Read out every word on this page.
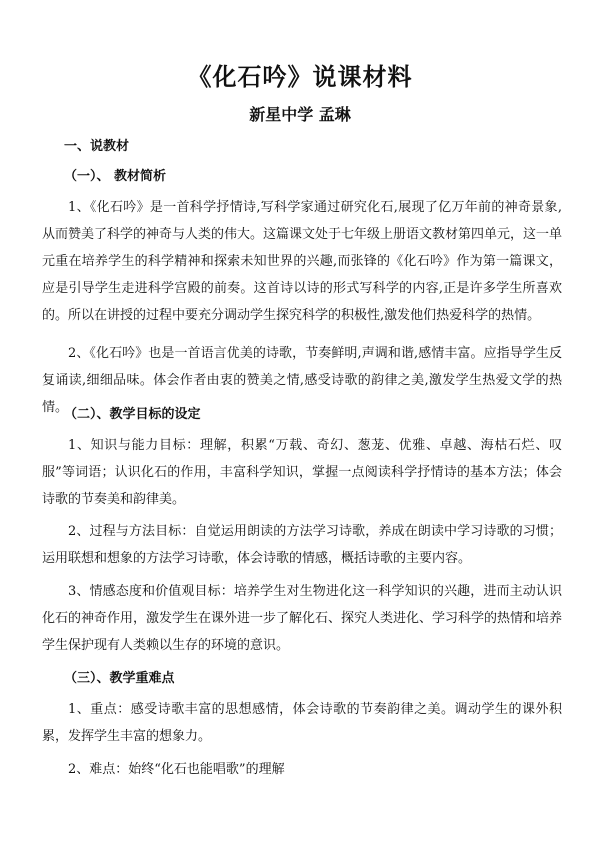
《化石吟》说课材料
新星中学 孟琳
一、说教材
（一）、 教材简析
1、《化石吟》是一首科学抒情诗,写科学家通过研究化石,展现了亿万年前的神奇景象,从而赞美了科学的神奇与人类的伟大。这篇课文处于七年级上册语文教材第四单元，这一单元重在培养学生的科学精神和探索未知世界的兴趣,而张锋的《化石吟》作为第一篇课文，应是引导学生走进科学宫殿的前奏。这首诗以诗的形式写科学的内容,正是许多学生所喜欢的。所以在讲授的过程中要充分调动学生探究科学的积极性,激发他们热爱科学的热情。
2、《化石吟》也是一首语言优美的诗歌，节奏鲜明,声调和谐,感情丰富。应指导学生反复诵读,细细品味。体会作者由衷的赞美之情,感受诗歌的韵律之美,激发学生热爱文学的热情。
（二）、教学目标的设定
1、知识与能力目标：理解，积累“万载、奇幻、葱茏、优雅、卓越、海枯石烂、叹服”等词语；认识化石的作用，丰富科学知识，掌握一点阅读科学抒情诗的基本方法；体会诗歌的节奏美和韵律美。
2、过程与方法目标：自觉运用朗读的方法学习诗歌，养成在朗读中学习诗歌的习惯；运用联想和想象的方法学习诗歌，体会诗歌的情感，概括诗歌的主要内容。
3、情感态度和价值观目标：培养学生对生物进化这一科学知识的兴趣，进而主动认识化石的神奇作用，激发学生在课外进一步了解化石、探究人类进化、学习科学的热情和培养学生保护现有人类赖以生存的环境的意识。
（三）、教学重难点
1、重点：感受诗歌丰富的思想感情，体会诗歌的节奏韵律之美。调动学生的课外积累，发挥学生丰富的想象力。
2、难点：始终“化石也能唱歌”的理解
